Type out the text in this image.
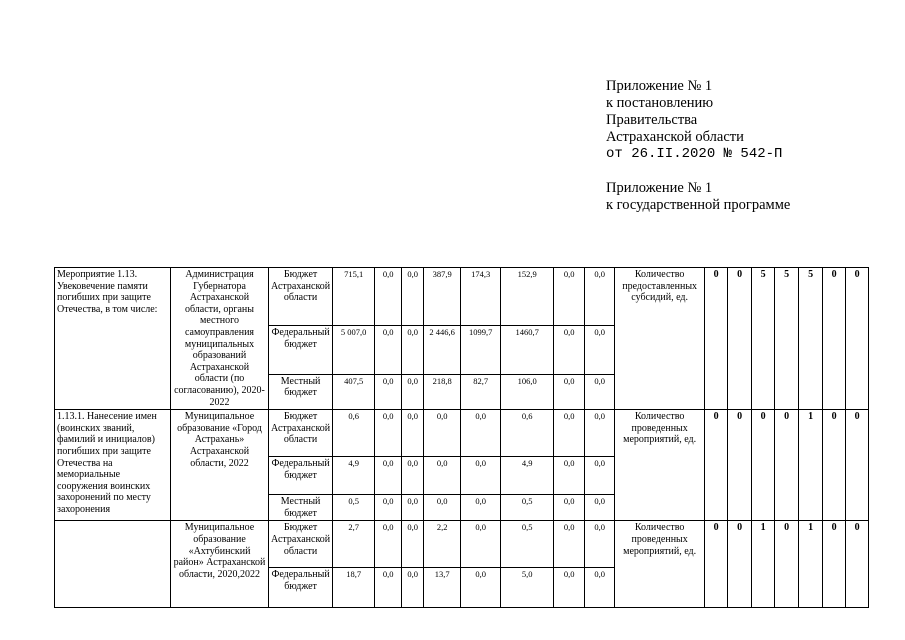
Приложение № 1
к постановлению
Правительства
Астраханской области
от 26.II.2020 № 542-П
Приложение № 1
к государственной программе
Мероприятие 1.13. Увековечение памяти погибших при защите Отечества, в том числе:	Администрация Губернатора Астраханской области, органы местного самоуправления муниципальных образований Астраханской области (по согласованию), 2020-2022	Бюджет Астраханской области	715,1	0,0	0,0	387,9	174,3	152,9	0,0	0,0	Количество предоставленных субсидий, ед.	0	0	5	5	5	0	0
		Федеральный бюджет	5 007,0	0,0	0,0	2 446,6	1099,7	1460,7	0,0	0,0								
		Местный бюджет	407,5	0,0	0,0	218,8	82,7	106,0	0,0	0,0								
1.13.1. Нанесение имен (воинских званий, фамилий и инициалов) погибших при защите Отечества на мемориальные сооружения воинских захоронений по месту захоронения	Муниципальное образование «Город Астрахань» Астраханской области, 2022	Бюджет Астраханской области	0,6	0,0	0,0	0,0	0,0	0,6	0,0	0,0	Количество проведенных мероприятий, ед.	0	0	0	0	1	0	0
		Федеральный бюджет	4,9	0,0	0,0	0,0	0,0	4,9	0,0	0,0								
		Местный бюджет	0,5	0,0	0,0	0,0	0,0	0,5	0,0	0,0								
	Муниципальное образование «Ахтубинский район» Астраханской области, 2020,2022	Бюджет Астраханской области	2,7	0,0	0,0	2,2	0,0	0,5	0,0	0,0	Количество проведенных мероприятий, ед.	0	0	1	0	1	0	0
		Федеральный бюджет	18,7	0,0	0,0	13,7	0,0	5,0	0,0	0,0								
